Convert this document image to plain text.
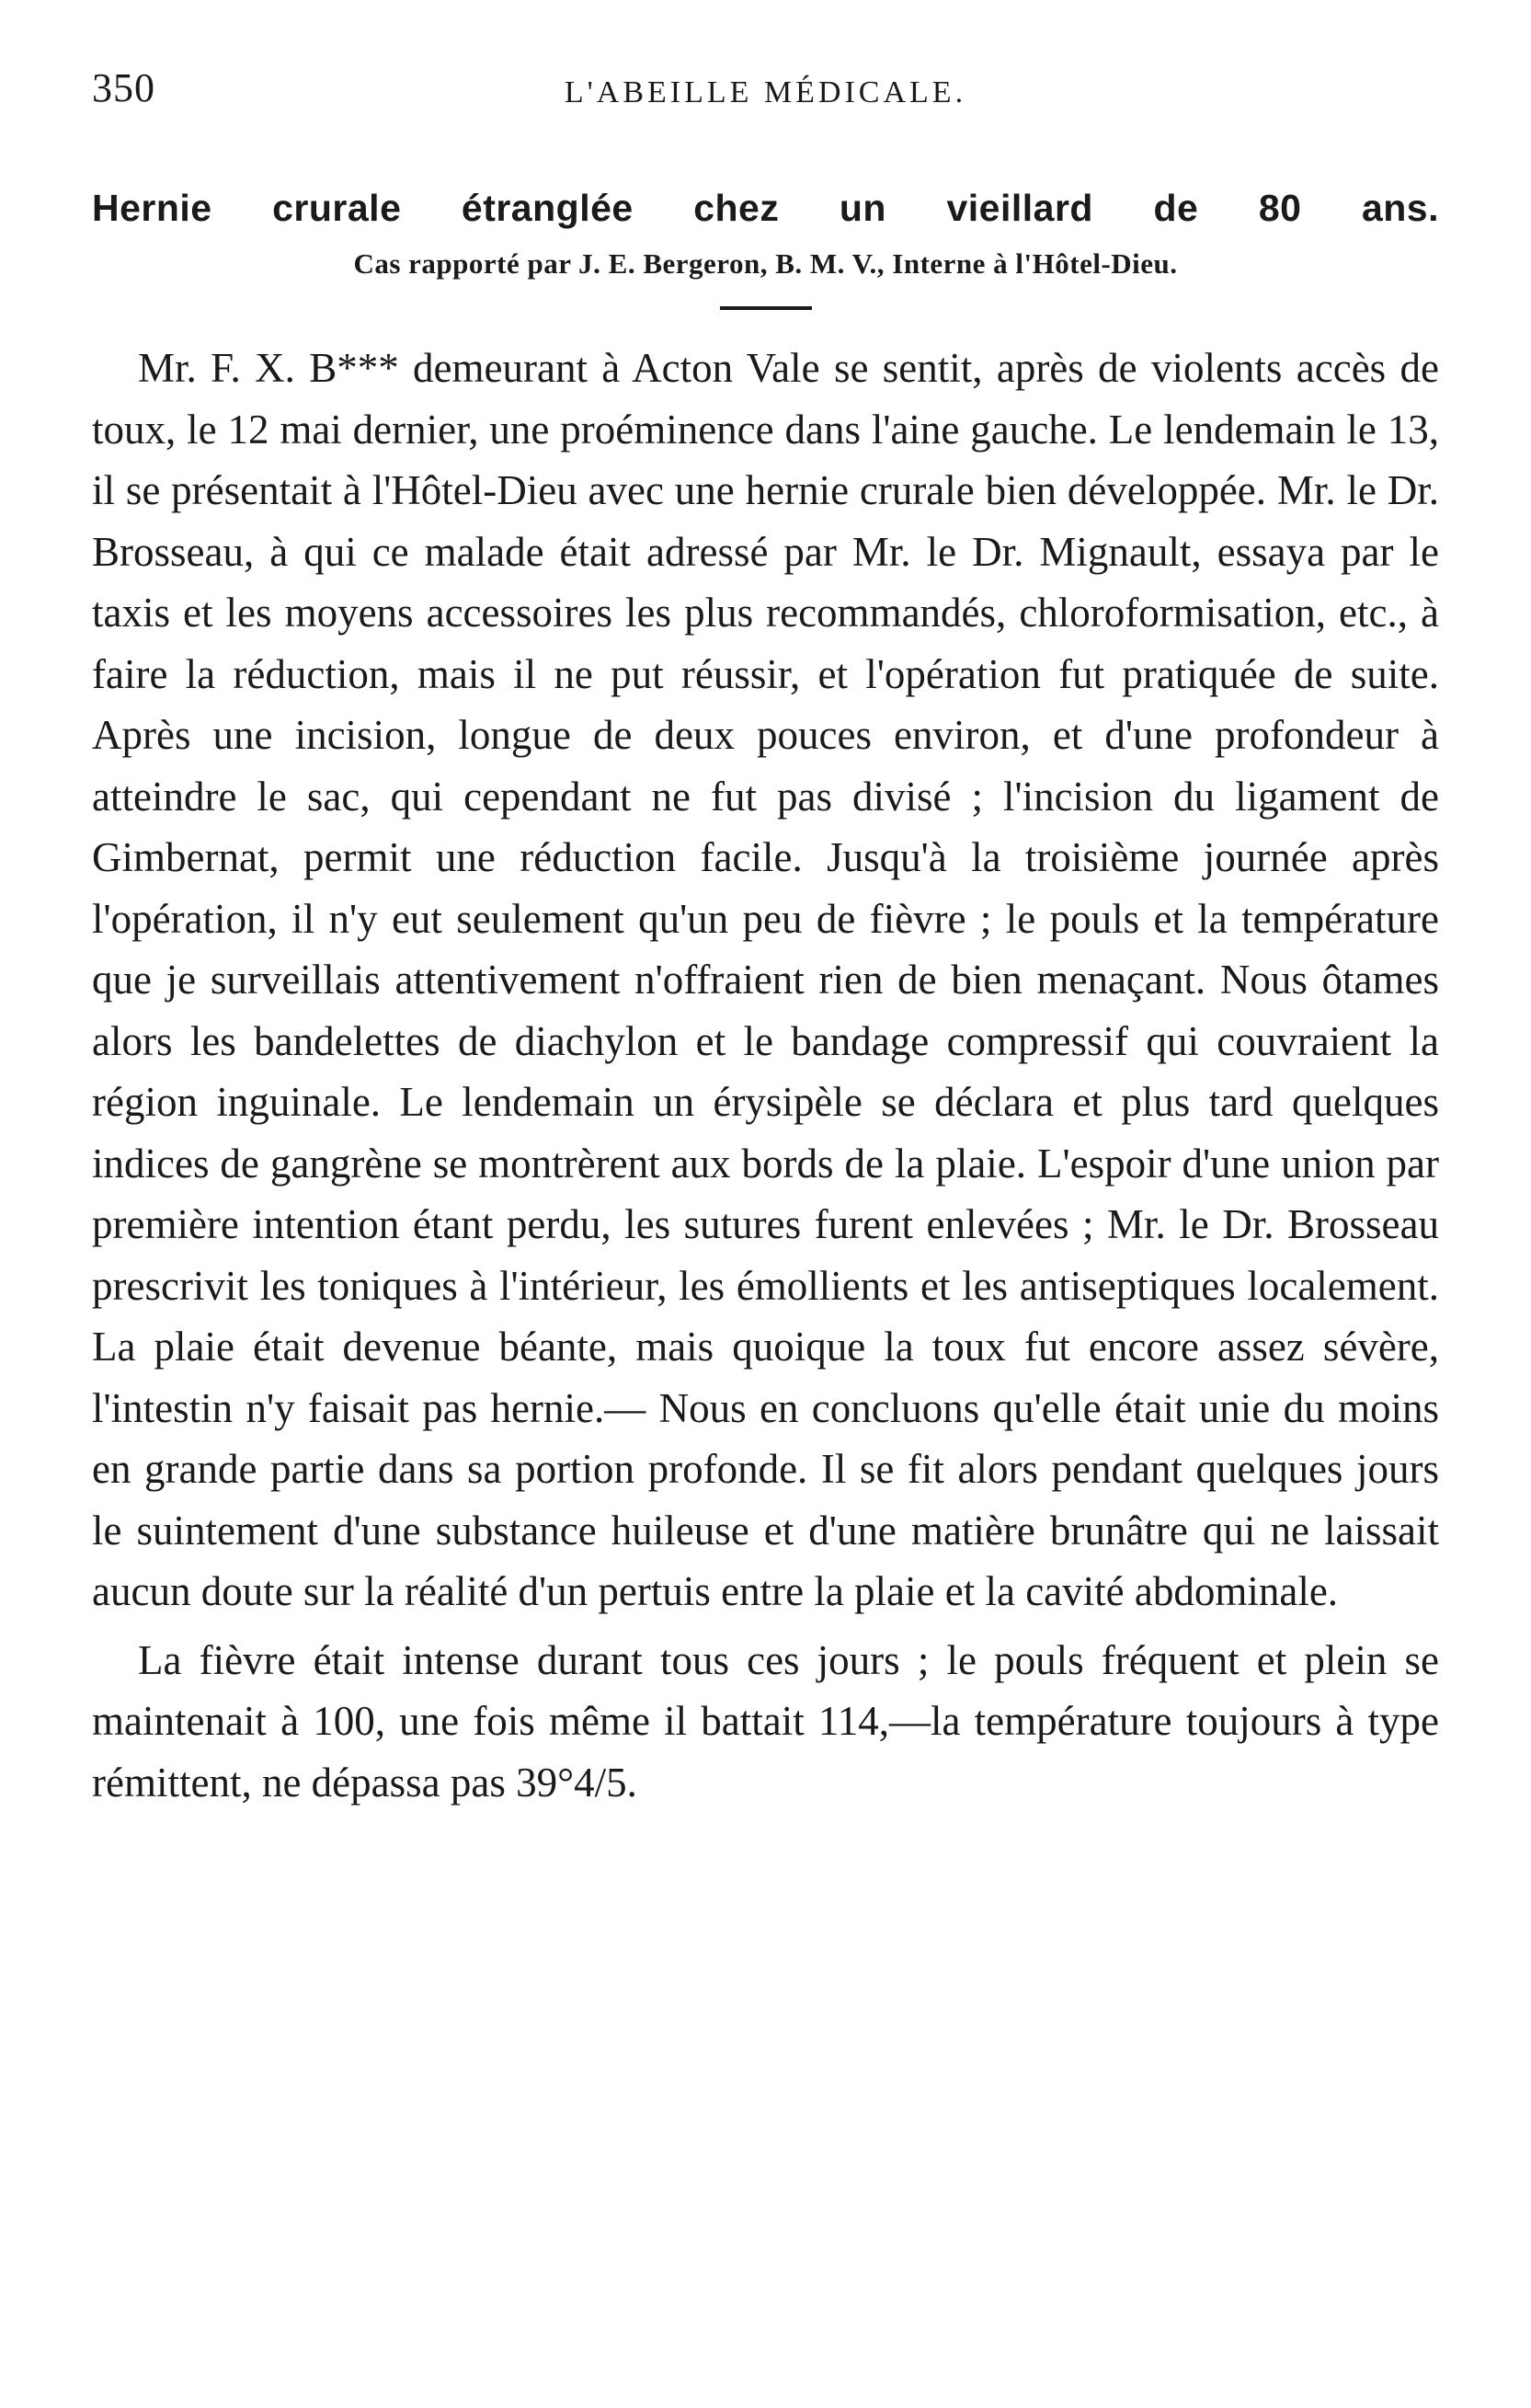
350	L'ABEILLE MÉDICALE.
Hernie crurale étranglée chez un vieillard de 80 ans.
Cas rapporté par J. E. Bergeron, B. M. V., Interne à l'Hôtel-Dieu.

Mr. F. X. B*** demeurant à Acton Vale se sentit, après de violents accès de toux, le 12 mai dernier, une proéminence dans l'aine gauche. Le lendemain le 13, il se présentait à l'Hôtel-Dieu avec une hernie crurale bien développée. Mr. le Dr. Brosseau, à qui ce malade était adressé par Mr. le Dr. Mignault, essaya par le taxis et les moyens accessoires les plus recommandés, chloroformisation, etc., à faire la réduction, mais il ne put réussir, et l'opération fut pratiquée de suite. Après une incision, longue de deux pouces environ, et d'une profondeur à atteindre le sac, qui cependant ne fut pas divisé ; l'incision du ligament de Gimbernat, permit une réduction facile. Jusqu'à la troisième journée après l'opération, il n'y eut seulement qu'un peu de fièvre ; le pouls et la température que je surveillais attentivement n'offraient rien de bien menaçant. Nous ôtames alors les bandelettes de diachylon et le bandage compressif qui couvraient la région inguinale. Le lendemain un érysipèle se déclara et plus tard quelques indices de gangrène se montrèrent aux bords de la plaie. L'espoir d'une union par première intention étant perdu, les sutures furent enlevées ; Mr. le Dr. Brosseau prescrivit les toniques à l'intérieur, les émollients et les antiseptiques localement. La plaie était devenue béante, mais quoique la toux fut encore assez sévère, l'intestin n'y faisait pas hernie.— Nous en concluons qu'elle était unie du moins en grande partie dans sa portion profonde. Il se fit alors pendant quelques jours le suintement d'une substance huileuse et d'une matière brunâtre qui ne laissait aucun doute sur la réalité d'un pertuis entre la plaie et la cavité abdominale.

La fièvre était intense durant tous ces jours ; le pouls fréquent et plein se maintenait à 100, une fois même il battait 114,—la température toujours à type rémittent, ne dépassa pas 39°4/5.
